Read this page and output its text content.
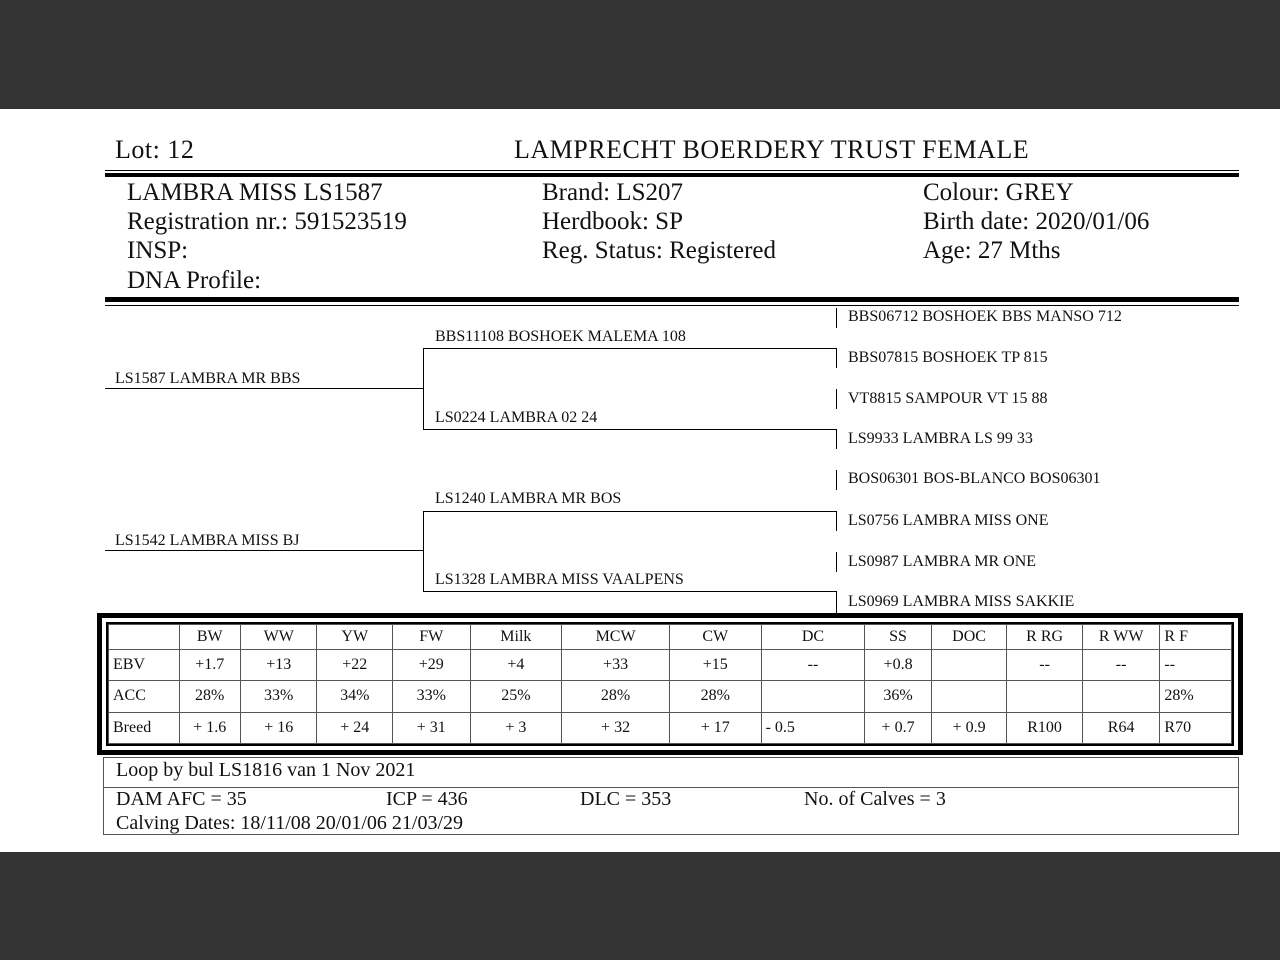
Lot: 12	LAMPRECHT BOERDERY TRUST FEMALE
LAMBRA MISS LS1587
Registration nr.: 591523519
INSP:
DNA Profile:
Brand: LS207
Herdbook: SP
Reg. Status: Registered
Colour: GREY
Birth date: 2020/01/06
Age: 27 Mths
LS1587 LAMBRA MR BBS
LS1542 LAMBRA MISS BJ
BBS11108 BOSHOEK MALEMA 108
LS0224 LAMBRA 02 24
LS1240 LAMBRA MR BOS
LS1328 LAMBRA MISS VAALPENS
BBS06712 BOSHOEK BBS MANSO 712
BBS07815 BOSHOEK TP 815
VT8815 SAMPOUR VT 15 88
LS9933 LAMBRA LS 99 33
BOS06301 BOS-BLANCO BOS06301
LS0756 LAMBRA MISS ONE
LS0987 LAMBRA MR ONE
LS0969 LAMBRA MISS SAKKIE
	BW	WW	YW	FW	Milk	MCW	CW	DC	SS	DOC	R RG	R WW	R F
EBV	+1.7	+13	+22	+29	+4	+33	+15	--	+0.8		--	--	--
ACC	28%	33%	34%	33%	25%	28%	28%		36%				28%
Breed	+ 1.6	+ 16	+ 24	+ 31	+ 3	+ 32	+ 17	- 0.5	+ 0.7	+ 0.9	R100	R64	R70
Loop by bul LS1816 van 1 Nov 2021
DAM AFC = 35	ICP = 436	DLC = 353	No. of Calves = 3
Calving Dates: 18/11/08 20/01/06 21/03/29
